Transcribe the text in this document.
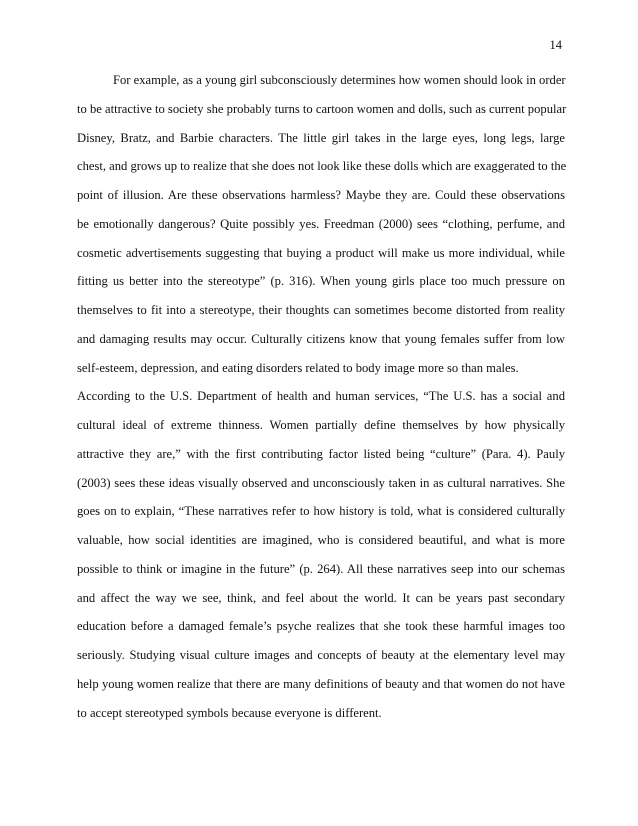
14
For example, as a young girl subconsciously determines how women should look in order
to be attractive to society she probably turns to cartoon women and dolls, such as current popular
Disney, Bratz, and Barbie characters. The little girl takes in the large eyes, long legs, large
chest, and grows up to realize that she does not look like these dolls which are exaggerated to the
point of illusion. Are these observations harmless? Maybe they are. Could these observations
be emotionally dangerous? Quite possibly yes. Freedman (2000) sees “clothing, perfume, and
cosmetic advertisements suggesting that buying a product will make us more individual, while
fitting us better into the stereotype” (p. 316). When young girls place too much pressure on
themselves to fit into a stereotype, their thoughts can sometimes become distorted from reality
and damaging results may occur. Culturally citizens know that young females suffer from low
self-esteem, depression, and eating disorders related to body image more so than males.
According to the U.S. Department of health and human services, “The U.S. has a social and
cultural ideal of extreme thinness. Women partially define themselves by how physically
attractive they are,” with the first contributing factor listed being “culture” (Para. 4). Pauly
(2003) sees these ideas visually observed and unconsciously taken in as cultural narratives. She
goes on to explain, “These narratives refer to how history is told, what is considered culturally
valuable, how social identities are imagined, who is considered beautiful, and what is more
possible to think or imagine in the future” (p. 264). All these narratives seep into our schemas
and affect the way we see, think, and feel about the world. It can be years past secondary
education before a damaged female’s psyche realizes that she took these harmful images too
seriously. Studying visual culture images and concepts of beauty at the elementary level may
help young women realize that there are many definitions of beauty and that women do not have
to accept stereotyped symbols because everyone is different.
